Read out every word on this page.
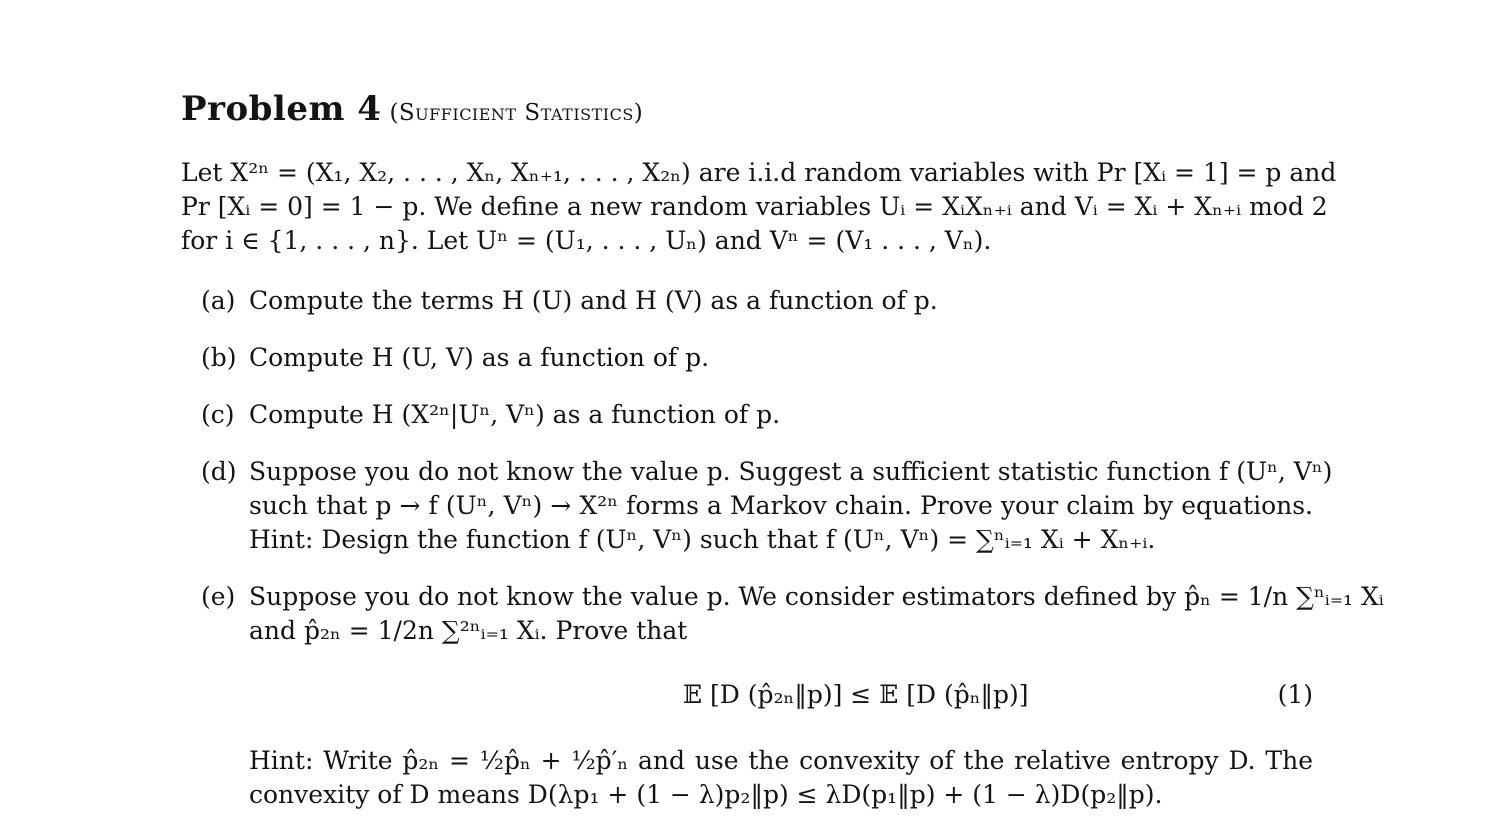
Problem 4 (Sufficient Statistics)
Let X²ⁿ = (X₁, X₂, . . . , Xₙ, Xₙ₊₁, . . . , X₂ₙ) are i.i.d random variables with Pr [Xᵢ = 1] = p and
Pr [Xᵢ = 0] = 1 − p. We define a new random variables Uᵢ = XᵢXₙ₊ᵢ and Vᵢ = Xᵢ + Xₙ₊ᵢ mod 2
for i ∈ {1, . . . , n}. Let Uⁿ = (U₁, . . . , Uₙ) and Vⁿ = (V₁ . . . , Vₙ).
(a) Compute the terms H (U) and H (V) as a function of p.
(b) Compute H (U, V) as a function of p.
(c) Compute H (X²ⁿ|Uⁿ, Vⁿ) as a function of p.
(d) Suppose you do not know the value p. Suggest a sufficient statistic function f (Uⁿ, Vⁿ)
such that p → f (Uⁿ, Vⁿ) → X²ⁿ forms a Markov chain. Prove your claim by equations.
Hint: Design the function f (Uⁿ, Vⁿ) such that f (Uⁿ, Vⁿ) = ∑ⁿᵢ₌₁ Xᵢ + Xₙ₊ᵢ.
(e) Suppose you do not know the value p. We consider estimators defined by p̂ₙ = 1/n ∑ⁿᵢ₌₁ Xᵢ
and p̂₂ₙ = 1/2n ∑²ⁿᵢ₌₁ Xᵢ. Prove that
𝔼 [D (p̂₂ₙ‖p)] ≤ 𝔼 [D (p̂ₙ‖p)]	(1)
Hint: Write p̂₂ₙ = ½p̂ₙ + ½p̂′ₙ and use the convexity of the relative entropy D. The
convexity of D means D(λp₁ + (1 − λ)p₂‖p) ≤ λD(p₁‖p) + (1 − λ)D(p₂‖p).
